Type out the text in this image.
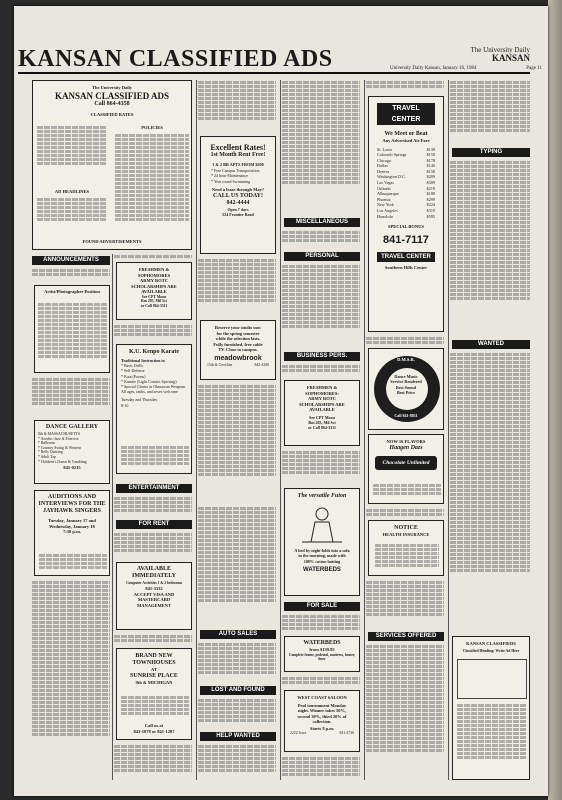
KANSAN CLASSIFIED ADS	The University Daily
KANSAN
University Daily Kansan, January 16, 1984	Page 11
The University Daily
KANSAN CLASSIFIED ADS
Call 864-4358
CLASSIFIED RATES
POLICIES
AD HEADLINES
FOUND ADVERTISEMENTS
ANNOUNCEMENTS
Artist/Photographer Position
DANCE GALLERY
8th & MASSACHUSETTS
* Aerobic-Jazz & Exercise
* Ballroom
* Country Swing & Western
* Belly Dancing
* Adult Tap
* Children's Dance & Tumbling
841-0215
AUDITIONS AND INTERVIEWS FOR THE JAYHAWK SINGERS
Tuesday, January 17 and Wednesday, January 18
7:30 p.m.
FRESHMEN &
SOPHOMORES
ARMY ROTC
SCHOLARSHIPS ARE
AVAILABLE
See CPT Moon
Rm 203, Mil Sci
or Call 864-3311
K.U. Kenpo Karate
Traditional Instruction in
* Basic Drills
* Self Defense
* Kata (Forms)
* Kumite (Light Contact Sparring)
* Special Clinics in Okinawan Weapons
All ages, ranks, and sexes welcome
Tuesday and Thursday
8-10
ENTERTAINMENT
FOR RENT
AVAILABLE
IMMEDIATELY
Computer Activities 1 & 2 bedrooms
841-3332
ACCEPT VISA AND
MASTERCARD
MANAGEMENT
BRAND NEW
TOWNHOUSES
AT
SUNRISE PLACE
9th & MICHIGAN
Call us at
843-1878 or 841-1287
Excellent Rates!
1st Month Rent Free!
1 & 2 BR APTS FROM $200
* Free Campus Transportation
* 24 hour Maintenance
* Year round Swimming
Need a lease through May?
CALL US TODAY!
842-4444
Open 7 days
524 Frontier Road
Reserve your studio now
for the spring semester
while the selection lasts.
Fully furnished, free cable
TV. Close to campus.
meadowbrook
15th & Crestline	842-4200
AUTO SALES
LOST AND FOUND
HELP WANTED
MISCELLANEOUS
PERSONAL
BUSINESS PERS.
FRESHMEN &
SOPHOMORES:
ARMY ROTC
SCHOLARSHIPS ARE
AVAILABLE
See CPT Moon
Rm 203, Mil Sci
or Call 864-3311
The versatile Futon
A bed by night folds into a sofa
in the morning, made with
100% cotton batting
WATERBEDS
FOR SALE
WATERBEDS
from $139.95
Complete frame, pedestal, mattress, heater, liner
WEST COAST SALOON
Pool tournament Monday
night. Winner takes 50%,
second 30%, third 20% of
collection.
Starts 8 p.m.
2222 Iowa	841-2736
TRAVEL CENTER
We Meet or Beat
Any Advertised Air Fare
St. Louis	$139
Colorado Springs	$150
Chicago	$178
Dallas	$140
Denver	$150
Washington D.C.	$209
Las Vegas	$309
Orlando	$219
Albuquerque	$188
Phoenix	$299
New York	$224
Los Angeles	$319
Honolulu	$595
SPECIAL BONUS
841-7117
TRAVEL CENTER
Southern Hills Center
D.M.S.R.
Dance Music
Service Rendered
Best Sound
Best Price
Call 841-8811
NOW 16 FLAVORS
Haagen Dazs
Chocolate Unlimited
NOTICE
HEALTH INSURANCE
SERVICES OFFERED
TYPING
WANTED
KANSAN CLASSIFIEDS
Classified Heading: Write Ad Here
